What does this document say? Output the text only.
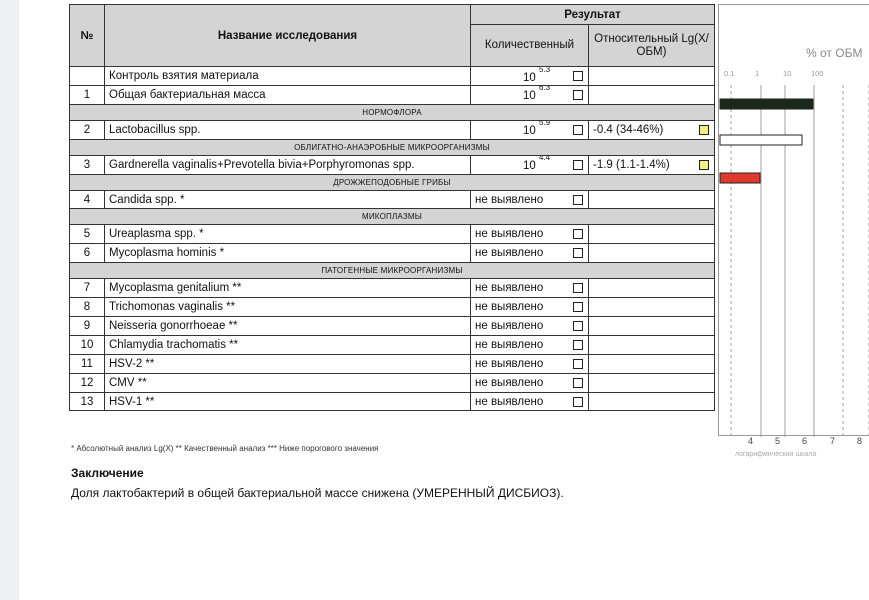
№	Название исследования	Результат	
		Количественный	Относительный Lg(X/ОБМ)
	Контроль взятия материала	10 $^{5.3}$

1	Общая бактериальная масса	10 $^{6.3}$

НОРМОФЛОРА			
2	Lactobacillus spp.	10 $^{5.9}$	-0.4 (34-46%)

ОБЛИГАТНО-АНАЭРОБНЫЕ МИКРООРГАНИЗМЫ			
3	Gardnerella vaginalis+Prevotella bivia+Porphyromonas spp.	10 $^{4.4}$	-1.9 (1.1-1.4%)

ДРОЖЖЕПОДОБНЫЕ ГРИБЫ			
4	Candida spp. *	не выявлено

МИКОПЛАЗМЫ			
5	Ureaplasma spp. *	не выявлено

6	Mycoplasma hominis *	не выявлено

ПАТОГЕННЫЕ МИКРООРГАНИЗМЫ			
7	Mycoplasma genitalium **	не выявлено

8	Trichomonas vaginalis **	не выявлено

9	Neisseria gonorrhoeae **	не выявлено

10	Chlamydia trachomatis **	не выявлено

11	HSV-2 **	не выявлено

12	CMV **	не выявлено

13	HSV-1 **	не выявлено

% от ОБМ
0.1	1	10	100
4 5 6	7 8
логарифмическая шкала
* Абсолютный анализ Lg(X) ** Качественный анализ *** Ниже порогового значения
Заключение
Доля лактобактерий в общей бактериальной массе снижена (УМЕРЕННЫЙ ДИСБИОЗ).
